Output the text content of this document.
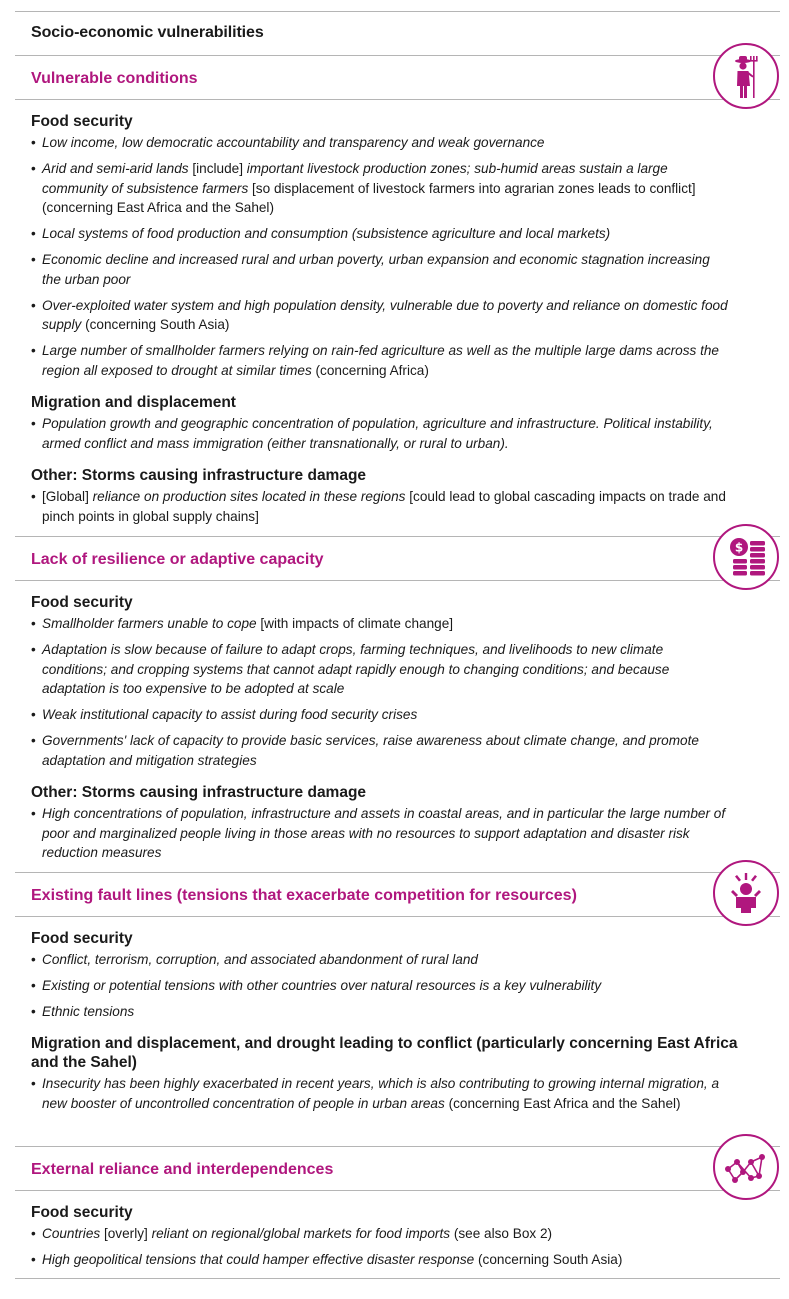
Socio-economic vulnerabilities
Vulnerable conditions
Food security
• Low income, low democratic accountability and transparency and weak governance
• Arid and semi-arid lands [include] important livestock production zones; sub-humid areas sustain a large community of subsistence farmers [so displacement of livestock farmers into agrarian zones leads to conflict] (concerning East Africa and the Sahel)
• Local systems of food production and consumption (subsistence agriculture and local markets)
• Economic decline and increased rural and urban poverty, urban expansion and economic stagnation increasing the urban poor
• Over-exploited water system and high population density, vulnerable due to poverty and reliance on domestic food supply (concerning South Asia)
• Large number of smallholder farmers relying on rain-fed agriculture as well as the multiple large dams across the region all exposed to drought at similar times (concerning Africa)
Migration and displacement
• Population growth and geographic concentration of population, agriculture and infrastructure. Political instability, armed conflict and mass immigration (either transnationally, or rural to urban).
Other: Storms causing infrastructure damage
• [Global] reliance on production sites located in these regions [could lead to global cascading impacts on trade and pinch points in global supply chains]
Lack of resilience or adaptive capacity
$
Food security
• Smallholder farmers unable to cope [with impacts of climate change]
• Adaptation is slow because of failure to adapt crops, farming techniques, and livelihoods to new climate conditions; and cropping systems that cannot adapt rapidly enough to changing conditions; and because adaptation is too expensive to be adopted at scale
• Weak institutional capacity to assist during food security crises
• Governments' lack of capacity to provide basic services, raise awareness about climate change, and promote adaptation and mitigation strategies
Other: Storms causing infrastructure damage
• High concentrations of population, infrastructure and assets in coastal areas, and in particular the large number of poor and marginalized people living in those areas with no resources to support adaptation and disaster risk reduction measures
Existing fault lines (tensions that exacerbate competition for resources)
Food security
• Conflict, terrorism, corruption, and associated abandonment of rural land
• Existing or potential tensions with other countries over natural resources is a key vulnerability
• Ethnic tensions
Migration and displacement, and drought leading to conflict (particularly concerning East Africa and the Sahel)
• Insecurity has been highly exacerbated in recent years, which is also contributing to growing internal migration, a new booster of uncontrolled concentration of people in urban areas (concerning East Africa and the Sahel)
External reliance and interdependences
Food security
• Countries [overly] reliant on regional/global markets for food imports (see also Box 2)
• High geopolitical tensions that could hamper effective disaster response (concerning South Asia)
